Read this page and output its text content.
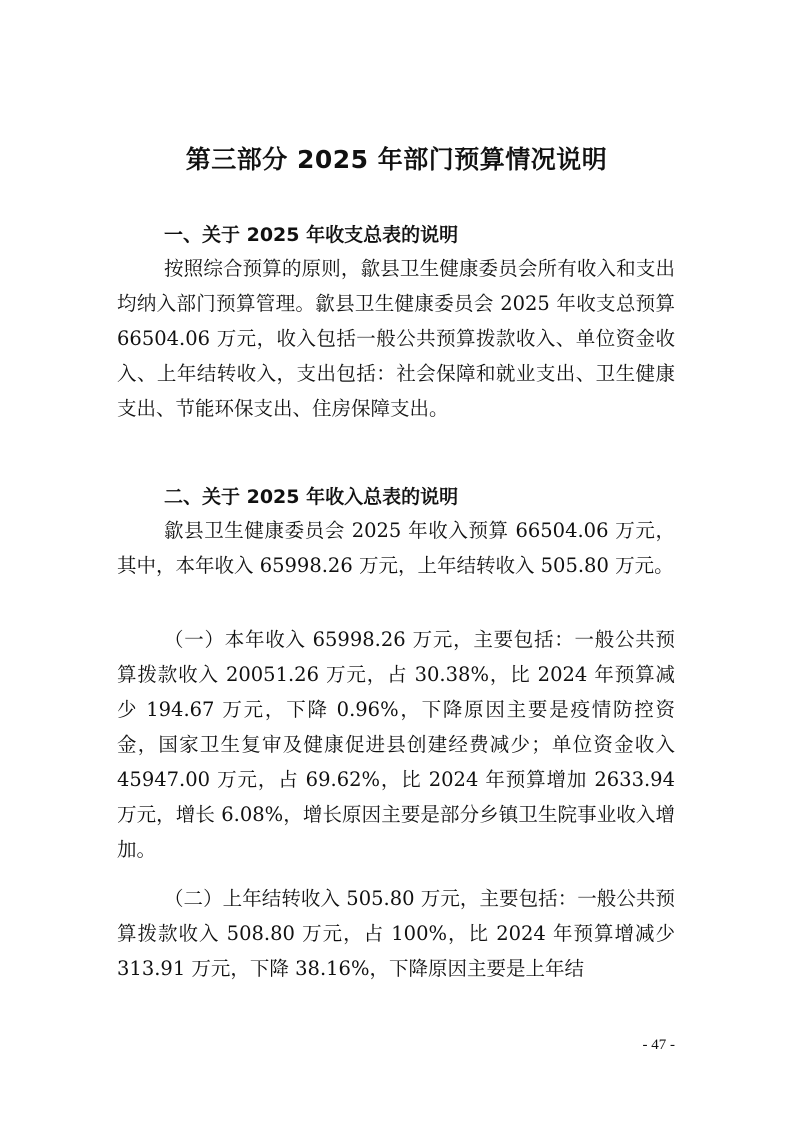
第三部分 2025 年部门预算情况说明
一、关于 2025 年收支总表的说明
按照综合预算的原则，歙县卫生健康委员会所有收入和支出均纳入部门预算管理。歙县卫生健康委员会 2025 年收支总预算 66504.06 万元，收入包括一般公共预算拨款收入、单位资金收入、上年结转收入，支出包括：社会保障和就业支出、卫生健康支出、节能环保支出、住房保障支出。
二、关于 2025 年收入总表的说明
歙县卫生健康委员会 2025 年收入预算 66504.06 万元，其中，本年收入 65998.26 万元，上年结转收入 505.80 万元。
（一）本年收入 65998.26 万元，主要包括：一般公共预算拨款收入 20051.26 万元，占 30.38%，比 2024 年预算减少 194.67 万元，下降 0.96%，下降原因主要是疫情防控资金，国家卫生复审及健康促进县创建经费减少；单位资金收入 45947.00 万元，占 69.62%，比 2024 年预算增加 2633.94 万元，增长 6.08%，增长原因主要是部分乡镇卫生院事业收入增加。
（二）上年结转收入 505.80 万元，主要包括：一般公共预算拨款收入 508.80 万元，占 100%，比 2024 年预算增减少 313.91 万元，下降 38.16%，下降原因主要是上年结
- 47 -
